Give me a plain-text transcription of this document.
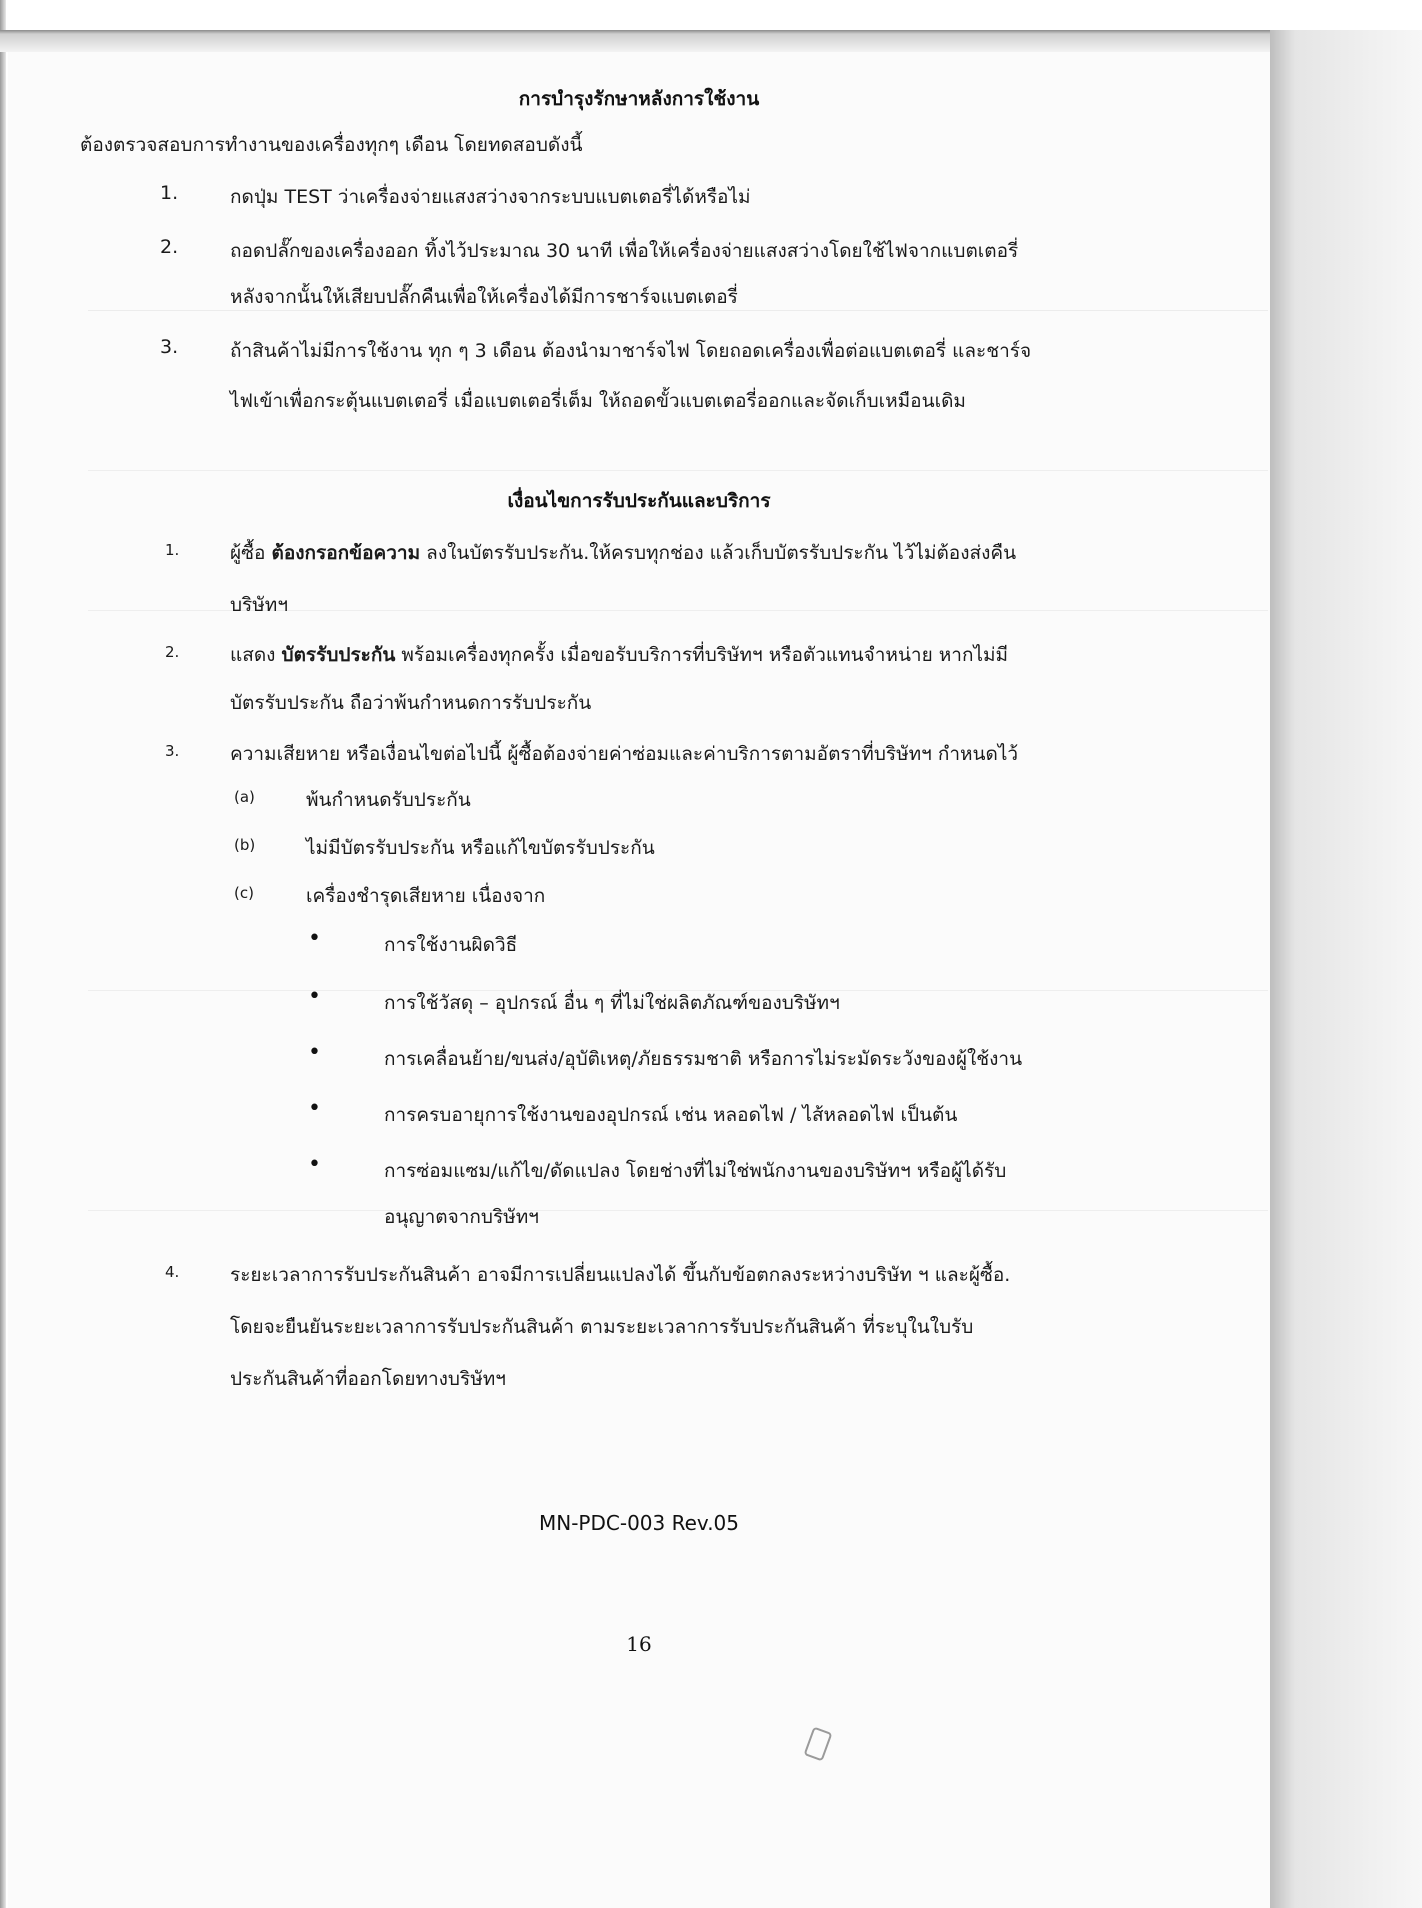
การบำรุงรักษาหลังการใช้งาน
ต้องตรวจสอบการทำงานของเครื่องทุกๆ เดือน โดยทดสอบดังนี้
1.	กดปุ่ม TEST ว่าเครื่องจ่ายแสงสว่างจากระบบแบตเตอรี่ได้หรือไม่
2.	ถอดปลั๊กของเครื่องออก ทิ้งไว้ประมาณ 30 นาที เพื่อให้เครื่องจ่ายแสงสว่างโดยใช้ไฟจากแบตเตอรี่
หลังจากนั้นให้เสียบปลั๊กคืนเพื่อให้เครื่องได้มีการชาร์จแบตเตอรี่
3.	ถ้าสินค้าไม่มีการใช้งาน ทุก ๆ 3 เดือน ต้องนำมาชาร์จไฟ โดยถอดเครื่องเพื่อต่อแบตเตอรี่ และชาร์จ
ไฟเข้าเพื่อกระตุ้นแบตเตอรี่ เมื่อแบตเตอรี่เต็ม ให้ถอดขั้วแบตเตอรี่ออกและจัดเก็บเหมือนเดิม
เงื่อนไขการรับประกันและบริการ
1.	ผู้ซื้อ ต้องกรอกข้อความ ลงในบัตรรับประกัน.ให้ครบทุกช่อง แล้วเก็บบัตรรับประกัน ไว้ไม่ต้องส่งคืน
บริษัทฯ
2.	แสดง บัตรรับประกัน พร้อมเครื่องทุกครั้ง เมื่อขอรับบริการที่บริษัทฯ หรือตัวแทนจำหน่าย หากไม่มี
บัตรรับประกัน ถือว่าพ้นกำหนดการรับประกัน
3.	ความเสียหาย หรือเงื่อนไขต่อไปนี้ ผู้ซื้อต้องจ่ายค่าซ่อมและค่าบริการตามอัตราที่บริษัทฯ กำหนดไว้
(a)	พ้นกำหนดรับประกัน
(b)	ไม่มีบัตรรับประกัน หรือแก้ไขบัตรรับประกัน
(c)	เครื่องชำรุดเสียหาย เนื่องจาก
•	การใช้งานผิดวิธี
•	การใช้วัสดุ – อุปกรณ์ อื่น ๆ ที่ไม่ใช่ผลิตภัณฑ์ของบริษัทฯ
•	การเคลื่อนย้าย/ขนส่ง/อุบัติเหตุ/ภัยธรรมชาติ หรือการไม่ระมัดระวังของผู้ใช้งาน
•	การครบอายุการใช้งานของอุปกรณ์ เช่น หลอดไฟ / ไส้หลอดไฟ เป็นต้น
•	การซ่อมแซม/แก้ไข/ดัดแปลง โดยช่างที่ไม่ใช่พนักงานของบริษัทฯ หรือผู้ได้รับ
อนุญาตจากบริษัทฯ
4.	ระยะเวลาการรับประกันสินค้า อาจมีการเปลี่ยนแปลงได้ ขึ้นกับข้อตกลงระหว่างบริษัท ฯ และผู้ซื้อ.
โดยจะยืนยันระยะเวลาการรับประกันสินค้า ตามระยะเวลาการรับประกันสินค้า ที่ระบุในใบรับ
ประกันสินค้าที่ออกโดยทางบริษัทฯ
MN-PDC-003 Rev.05
16
